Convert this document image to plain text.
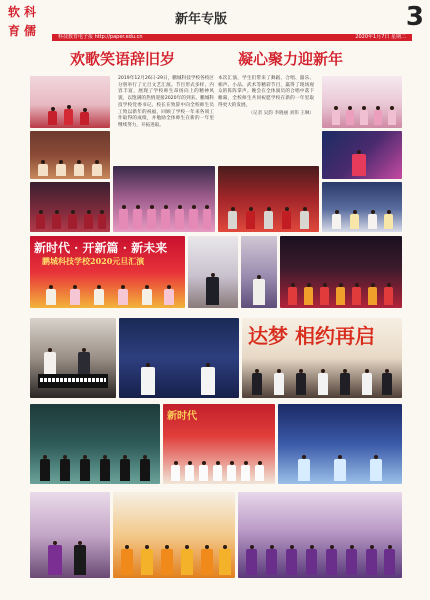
软 科
育 儒
新年专版	3
科技教育电子报 http://paper.edu.cn	2020年1月7日 星期二
欢歌笑语辞旧岁	凝心聚力迎新年
2019年12月26日-29日，鹏城科技学校各校区分别举行了元旦文艺汇演。节目形式多样，内容丰富，展现了学校师生昂扬向上的精神风貌，以饱满的热情迎接2020年的到来。鹏城科技学校党委书记、校长在致辞中向全校师生员工致以新年的祝福，回顾了学校一年来各项工作取得的成绩，并勉励全体师生在新的一年里继续努力，开拓进取。
本次汇演，学生们带来了舞蹈、合唱、器乐、相声、小品、武术等精彩节目，赢得了现场观众的阵阵掌声。晚会在全体演员的合唱中落下帷幕，全校师生共同祝愿学校在新的一年里取得更大的发展。
（记者 吴韵 李晓丽 刘伟 王琳）
新时代 · 开新篇 · 新未来
鹏城科技学校2020元旦汇演
达梦 相约再启
新时代
